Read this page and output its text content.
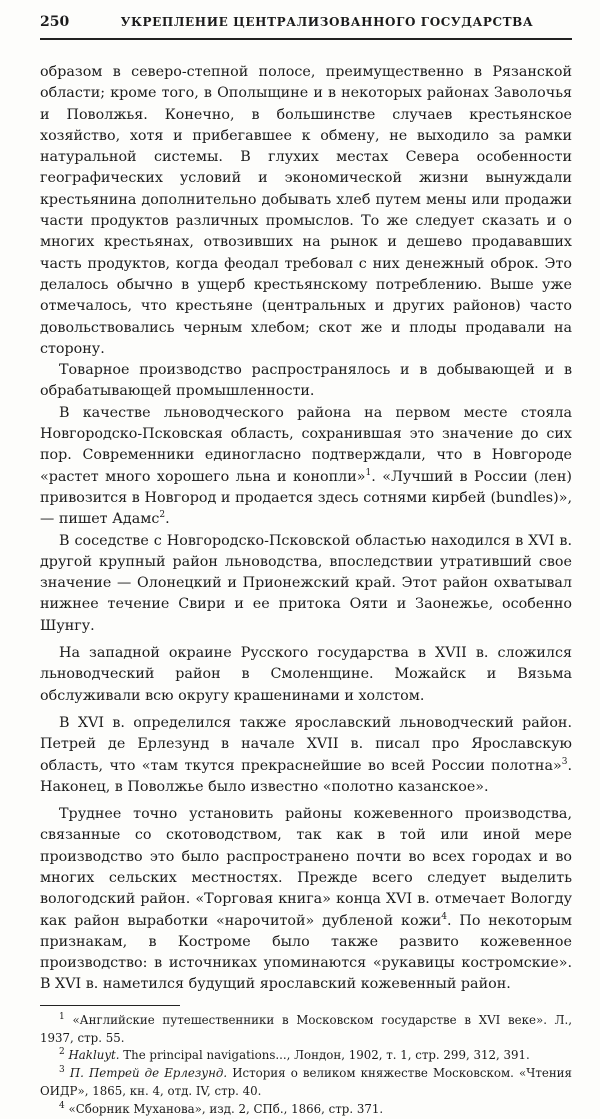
250	УКРЕПЛЕНИЕ ЦЕНТРАЛИЗОВАННОГО ГОСУДАРСТВА

образом в северо-степной полосе, преимущественно в Рязанской области; кроме того, в Ополыщине и в некоторых районах Заволочья и Поволжья. Конечно, в большинстве случаев крестьянское хозяйство, хотя и прибегавшее к обмену, не выходило за рамки натуральной системы. В глухих местах Севера особенности географических условий и экономической жизни вынуждали крестьянина дополнительно добывать хлеб путем мены или продажи части продуктов различных промыслов. То же следует сказать и о многих крестьянах, отвозивших на рынок и дешево продававших часть продуктов, когда феодал требовал с них денежный оброк. Это делалось обычно в ущерб крестьянскому потреблению. Выше уже отмечалось, что крестьяне (центральных и других районов) часто довольствовались черным хлебом; скот же и плоды продавали на сторону.

Товарное производство распространялось и в добывающей и в обрабатывающей промышленности.

В качестве льноводческого района на первом месте стояла Новгородско-Псковская область, сохранившая это значение до сих пор. Современники единогласно подтверждали, что в Новгороде «растет много хорошего льна и конопли»$^1$. «Лучший в России (лен) привозится в Новгород и продается здесь сотнями кирбей (bundles)»,— пишет Адамс$^2$.

В соседстве с Новгородско-Псковской областью находился в XVI в. другой крупный район льноводства, впоследствии утративший свое значение — Олонецкий и Прионежский край. Этот район охватывал нижнее течение Свири и ее притока Ояти и Заонежье, особенно Шунгу.

На западной окраине Русского государства в XVII в. сложился льноводческий район в Смоленщине. Можайск и Вязьма обслуживали всю округу крашенинами и холстом.

В XVI в. определился также ярославский льноводческий район. Петрей де Ерлезунд в начале XVII в. писал про Ярославскую область, что «там ткутся прекраснейшие во всей России полотна»$^3$. Наконец, в Поволжье было известно «полотно казанское».

Труднее точно установить районы кожевенного производства, связанные со скотоводством, так как в той или иной мере производство это было распространено почти во всех городах и во многих сельских местностях. Прежде всего следует выделить вологодский район. «Торговая книга» конца XVI в. отмечает Вологду как район выработки «нарочитой» дубленой кожи$^4$. По некоторым признакам, в Костроме было также развито кожевенное производство: в источниках упоминаются «рукавицы костромские». В XVI в. наметился будущий ярославский кожевенный район.

$^1$ «Английские путешественники в Московском государстве в XVI веке». Л., 1937, стр. 55.

$^2$ Hakluyt. The principal navigations..., Лондон, 1902, т. 1, стр. 299, 312, 391.

$^3$ П. Петрей де Ерлезунд. История о великом княжестве Московском. «Чтения ОИДР», 1865, кн. 4, отд. IV, стр. 40.

$^4$ «Сборник Муханова», изд. 2, СПб., 1866, стр. 371.
